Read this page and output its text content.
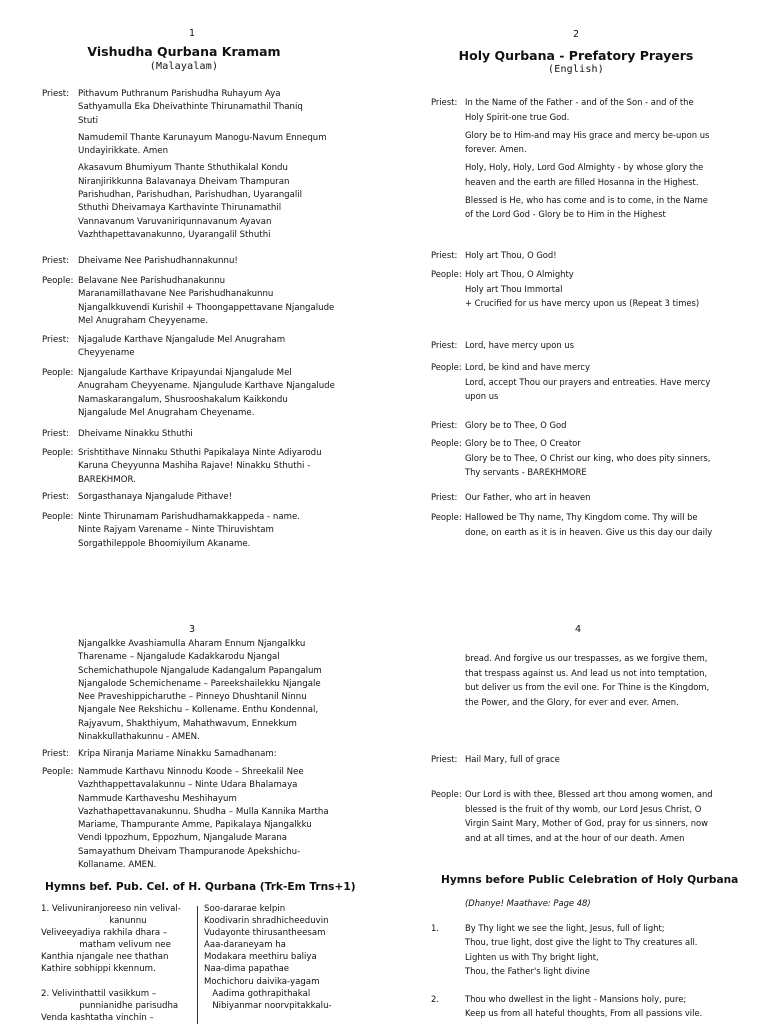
1
Vishudha Qurbana Kramam
(Malayalam)
Priest: Pithavum Puthranum Parishudha Ruhayum Aya

Sathyamulla Eka Dheivathinte Thirunamathil Thaniq

Stuti

Namudemil Thante Karunayum Manogu-Navum Ennequm

Undayirikkate. Amen

Akasavum Bhumiyum Thante Sthuthikalal Kondu

Niranjirikkunna Balavanaya Dheivam Thampuran

Parishudhan, Parishudhan, Parishudhan, Uyarangalil

Sthuthi Dheivamaya Karthavinte Thirunamathil

Vannavanum Varuvaniriqunnavanum Ayavan

Vazhthapettavanakunno, Uyarangalil Sthuthi

Priest: Dheivame Nee Parishudhannakunnu!

People: Belavane Nee Parishudhanakunnu

Maranamillathavane Nee Parishudhanakunnu

Njangalkkuvendi Kurishil + Thoongappettavane Njangalude

Mel Anugraham Cheyyename.

Priest: Njagalude Karthave Njangalude Mel Anugraham

Cheyyename

People: Njangalude Karthave Kripayundai Njangalude Mel

Anugraham Cheyyename. Njangulude Karthave Njangalude

Namaskarangalum, Shusrooshakalum Kaikkondu

Njangalude Mel Anugraham Cheyename.

Priest: Dheivame Ninakku Sthuthi

People: Srishtithave Ninnaku Sthuthi Papikalaya Ninte Adiyarodu

Karuna Cheyyunna Mashiha Rajave! Ninakku Sthuthi -

BAREKHMOR.

Priest: Sorgasthanaya Njangalude Pithave!

People: Ninte Thirunamam Parishudhamakkappeda - name.

Ninte Rajyam Varename – Ninte Thiruvishtam

Sorgathileppole Bhoomiyilum Akaname.

2
Holy Qurbana - Prefatory Prayers
(English)
Priest: In the Name of the Father - and of the Son - and of the

Holy Spirit-one true God.

Glory be to Him-and may His grace and mercy be-upon us

forever. Amen.

Holy, Holy, Holy, Lord God Almighty - by whose glory the

heaven and the earth are filled Hosanna in the Highest.

Blessed is He, who has come and is to come, in the Name

of the Lord God - Glory be to Him in the Highest

Priest: Holy art Thou, O God!

People: Holy art Thou, O Almighty

Holy art Thou Immortal

+ Crucified for us have mercy upon us (Repeat 3 times)

Priest: Lord, have mercy upon us

People: Lord, be kind and have mercy

Lord, accept Thou our prayers and entreaties. Have mercy

upon us

Priest: Glory be to Thee, O God

People: Glory be to Thee, O Creator

Glory be to Thee, O Christ our king, who does pity sinners,

Thy servants - BAREKHMORE

Priest: Our Father, who art in heaven

People: Hallowed be Thy name, Thy Kingdom come. Thy will be

done, on earth as it is in heaven. Give us this day our daily

3

Njangalkke Avashiamulla Aharam Ennum Njangalkku

Tharename – Njangalude Kadakkarodu Njangal

Schemichathupole Njangalude Kadangalum Papangalum

Njangalode Schemichename – Pareekshailekku Njangale

Nee Praveshippicharuthe – Pinneyo Dhushtanil Ninnu

Njangale Nee Rekshichu – Kollename. Enthu Kondennal,

Rajyavum, Shakthiyum, Mahathwavum, Ennekkum

Ninakkullathakunnu - AMEN.

Priest: Kripa Niranja Mariame Ninakku Samadhanam:

People: Nammude Karthavu Ninnodu Koode – Shreekalil Nee

Vazhthappettavalakunnu – Ninte Udara Bhalamaya

Nammude Karthaveshu Meshihayum

Vazhathapettavanakunnu. Shudha – Mulla Kannika Martha

Mariame, Thampurante Amme, Papikalaya Njangalkku

Vendi Ippozhum, Eppozhum, Njangalude Marana

Samayathum Dheivam Thampuranode Apekshichu-

Kollaname. AMEN.

Hymns bef. Pub. Cel. of H. Qurbana (Trk-Em Trns+1)

1. Velivuniranjoreeso nin velival-

kanunnu

Veliveeyadiya rakhila dhara –

matham velivum nee

Kanthia njangale nee thathan

Kathire sobhippi kkennum.

2. Velivinthattil vasikkum –

punnianidhe parisudha

Venda kashtatha vinchin –

Soo-dararae kelpin

Koodivarin shradhicheeduvin

Vudayonte thirusantheesam

Aaa-daraneyam ha

Modakara meethiru baliya

Naa-dima papathae

Mochichoru daivika-yagam

Aadima gothrapithakal

Nibiyanmar noorvpitakkalu-

4

bread. And forgive us our trespasses, as we forgive them,

that trespass against us. And lead us not into temptation,

but deliver us from the evil one. For Thine is the Kingdom,

the Power, and the Glory, for ever and ever. Amen.

Priest: Hail Mary, full of grace

People: Our Lord is with thee, Blessed art thou among women, and

blessed is the fruit of thy womb, our Lord Jesus Christ, O

Virgin Saint Mary, Mother of God, pray for us sinners, now

and at all times, and at the hour of our death. Amen

Hymns before Public Celebration of Holy Qurbana
(Dhanye! Maathave: Page 48)
1.	By Thy light we see the light, Jesus, full of light;

Thou, true light, dost give the light to Thy creatures all.

Lighten us with Thy bright light,

Thou, the Father's light divine

2.	Thou who dwellest in the light - Mansions holy, pure;

Keep us from all hateful thoughts, From all passions vile.
